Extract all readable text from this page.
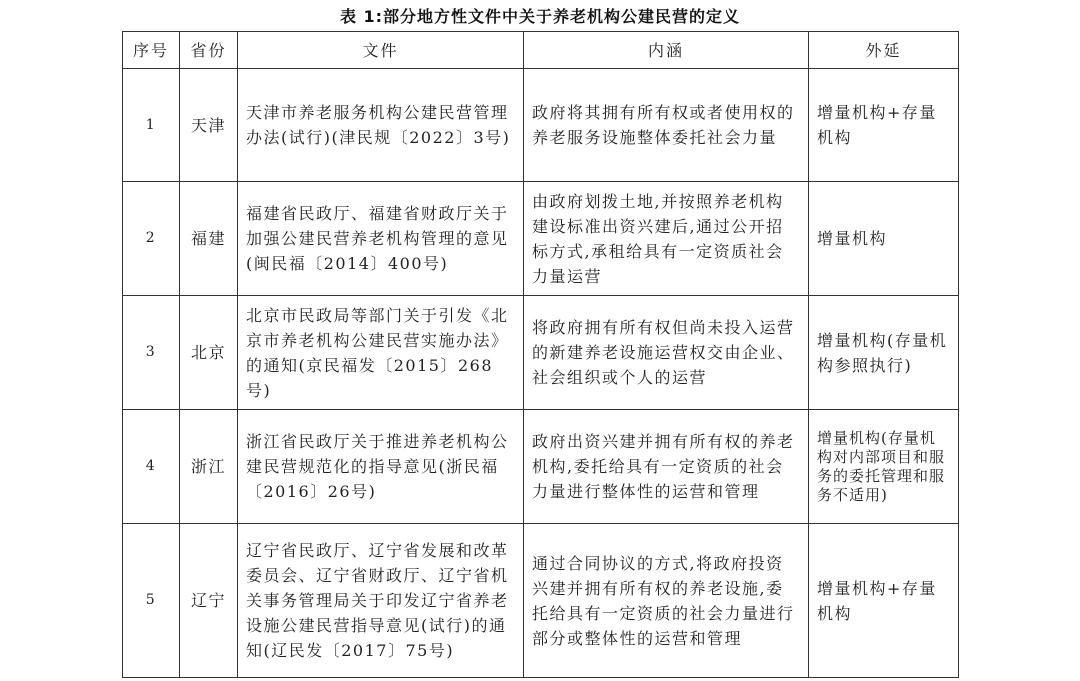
表 1:部分地方性文件中关于养老机构公建民营的定义
序号	省份	文件	内涵	外延
1	天津	天津市养老服务机构公建民营管理办法(试行)(津民规〔2022〕3号)	政府将其拥有所有权或者使用权的养老服务设施整体委托社会力量	增量机构+存量机构
2	福建	福建省民政厅、福建省财政厅关于加强公建民营养老机构管理的意见(闽民福〔2014〕400号)	由政府划拨土地,并按照养老机构建设标准出资兴建后,通过公开招标方式,承租给具有一定资质社会力量运营	增量机构
3	北京	北京市民政局等部门关于引发《北京市养老机构公建民营实施办法》的通知(京民福发〔2015〕268号)	将政府拥有所有权但尚未投入运营的新建养老设施运营权交由企业、社会组织或个人的运营	增量机构(存量机构参照执行)
4	浙江	浙江省民政厅关于推进养老机构公建民营规范化的指导意见(浙民福〔2016〕26号)	政府出资兴建并拥有所有权的养老机构,委托给具有一定资质的社会力量进行整体性的运营和管理	增量机构(存量机构对内部项目和服务的委托管理和服务不适用)
5	辽宁	辽宁省民政厅、辽宁省发展和改革委员会、辽宁省财政厅、辽宁省机关事务管理局关于印发辽宁省养老设施公建民营指导意见(试行)的通知(辽民发〔2017〕75号)	通过合同协议的方式,将政府投资兴建并拥有所有权的养老设施,委托给具有一定资质的社会力量进行部分或整体性的运营和管理	增量机构+存量机构
